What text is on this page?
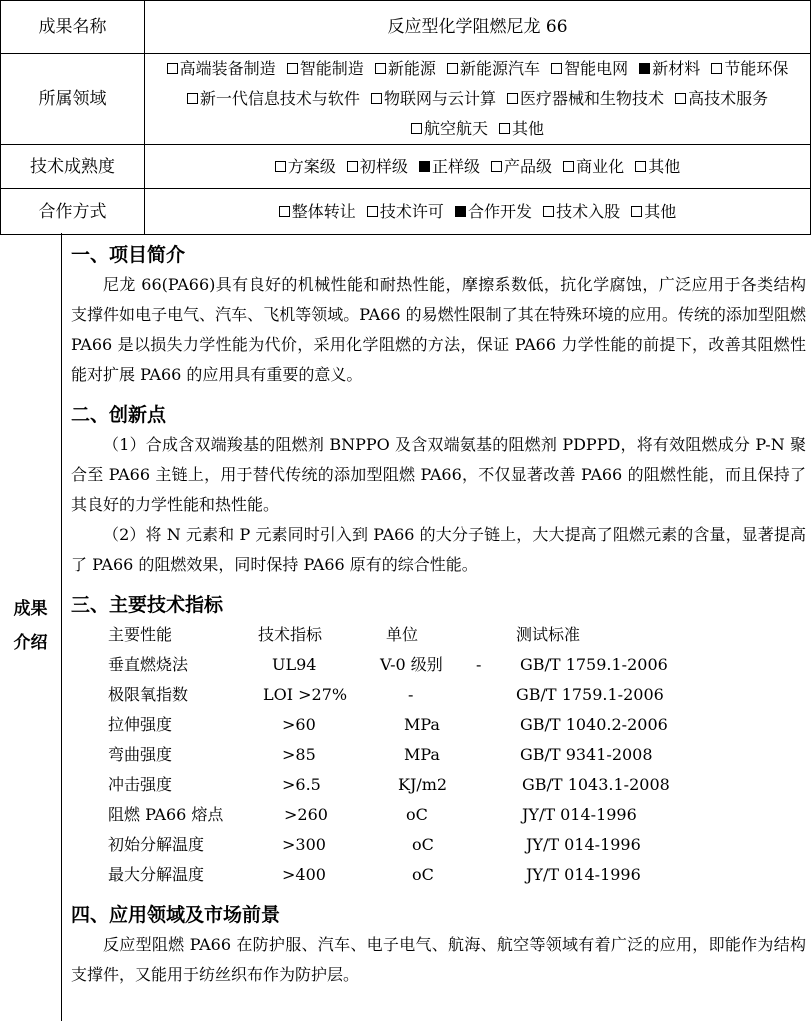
成果名称	反应型化学阻燃尼龙 66
所属领域	高端装备制造 智能制造 新能源 新能源汽车 智能电网 新材料 节能环保
新一代信息技术与软件 物联网与云计算 医疗器械和生物技术 高技术服务
航空航天 其他

技术成熟度	方案级 初样级 正样级 产品级 商业化 其他
合作方式	整体转让 技术许可 合作开发 技术入股 其他
成果
介绍
一、项目简介

尼龙 66(PA66)具有良好的机械性能和耐热性能，摩擦系数低，抗化学腐蚀，广泛应用于各类结构支撑件如电子电气、汽车、飞机等领域。PA66 的易燃性限制了其在特殊环境的应用。传统的添加型阻燃 PA66 是以损失力学性能为代价，采用化学阻燃的方法，保证 PA66 力学性能的前提下，改善其阻燃性能对扩展 PA66 的应用具有重要的意义。

二、创新点

（1）合成含双端羧基的阻燃剂 BNPPO 及含双端氨基的阻燃剂 PDPPD，将有效阻燃成分 P-N 聚合至 PA66 主链上，用于替代传统的添加型阻燃 PA66，不仅显著改善 PA66 的阻燃性能，而且保持了其良好的力学性能和热性能。

（2）将 N 元素和 P 元素同时引入到 PA66 的大分子链上，大大提高了阻燃元素的含量，显著提高了 PA66 的阻燃效果，同时保持 PA66 原有的综合性能。

三、主要技术指标
主要性能	技术指标	单位	测试标准
垂直燃烧法	UL94	V-0 级别 - GB/T 1759.1-2006
极限氧指数	LOI >27%	-	GB/T 1759.1-2006
拉伸强度	>60	MPa	GB/T 1040.2-2006
弯曲强度	>85	MPa	GB/T 9341-2008
冲击强度	>6.5	KJ/m2	GB/T 1043.1-2008
阻燃 PA66 熔点	>260	oC	JY/T 014-1996
初始分解温度	>300	oC	JY/T 014-1996
最大分解温度	>400	oC	JY/T 014-1996
四、应用领域及市场前景

反应型阻燃 PA66 在防护服、汽车、电子电气、航海、航空等领域有着广泛的应用，即能作为结构支撑件，又能用于纺丝织布作为防护层。
